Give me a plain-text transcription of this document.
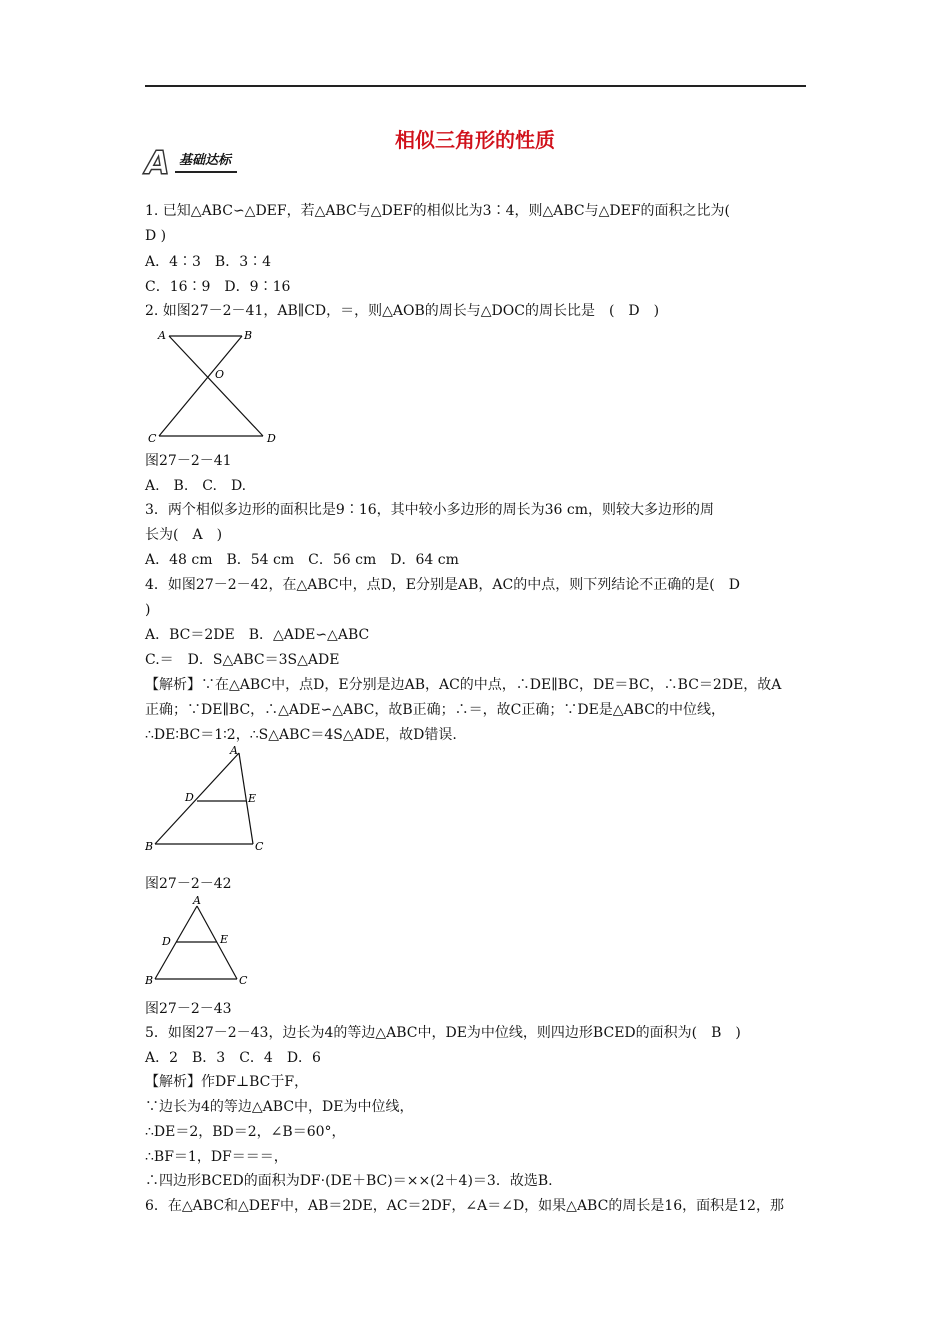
相似三角形的性质
A 基础达标
1. 已知△ABC∽△DEF，若△ABC与△DEF的相似比为3∶4，则△ABC与△DEF的面积之比为(
D )
A．4∶3　B．3∶4
C．16∶9　D．9∶16
2. 如图27－2－41，AB∥CD，＝，则△AOB的周长与△DOC的周长比是　(　D　)
A	B
O
C	D
图27－2－41
A.　B.　C.　D.
3．两个相似多边形的面积比是9∶16，其中较小多边形的周长为36 cm，则较大多边形的周
长为(　A　)
A．48 cm　B．54 cm　C．56 cm　D．64 cm
4．如图27－2－42，在△ABC中，点D，E分别是AB，AC的中点，则下列结论不正确的是(　D
)
A．BC＝2DE　B．△ADE∽△ABC
C.＝　D．S△ABC＝3S△ADE
【解析】∵在△ABC中，点D，E分别是边AB，AC的中点，∴DE∥BC，DE＝BC，∴BC＝2DE，故A
正确；∵DE∥BC，∴△ADE∽△ABC，故B正确；∴＝，故C正确；∵DE是△ABC的中位线，
∴DE∶BC＝1∶2，∴S△ABC＝4S△ADE，故D错误.
A
D	E
B	C
图27－2－42
A
D	E
B	C
图27－2－43
5．如图27－2－43，边长为4的等边△ABC中，DE为中位线，则四边形BCED的面积为(　B　)
A．2　B．3　C．4　D．6
【解析】作DF⊥BC于F，
∵边长为4的等边△ABC中，DE为中位线，
∴DE＝2，BD＝2，∠B＝60°，
∴BF＝1，DF＝＝＝，
∴四边形BCED的面积为DF·(DE＋BC)＝××(2＋4)＝3．故选B.
6．在△ABC和△DEF中，AB＝2DE，AC＝2DF，∠A＝∠D，如果△ABC的周长是16，面积是12，那
